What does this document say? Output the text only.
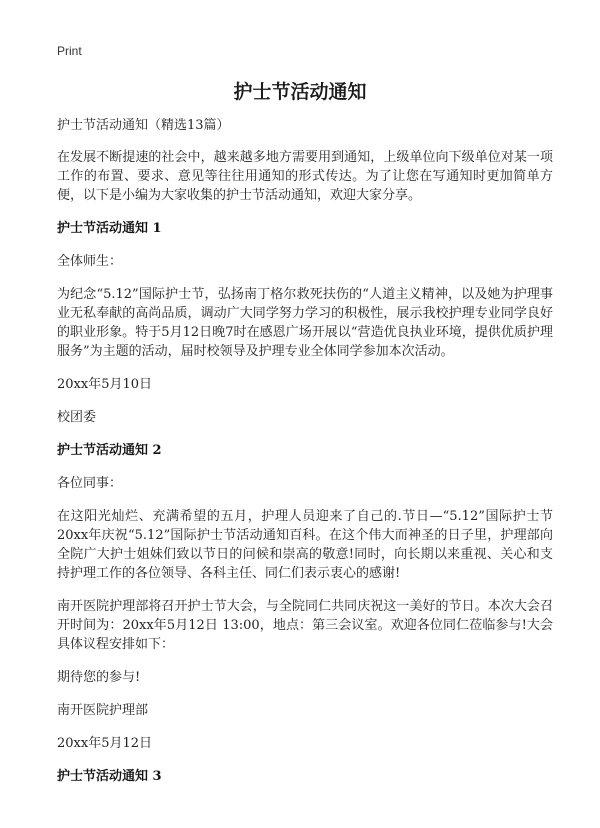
Print
护士节活动通知

护士节活动通知（精选13篇）

在发展不断提速的社会中，越来越多地方需要用到通知，上级单位向下级单位对某一项工作的布置、要求、意见等往往用通知的形式传达。为了让您在写通知时更加简单方便，以下是小编为大家收集的护士节活动通知，欢迎大家分享。

护士节活动通知 1

全体师生：

为纪念“5.12”国际护士节，弘扬南丁格尔救死扶伤的“人道主义精神，以及她为护理事业无私奉献的高尚品质，调动广大同学努力学习的积极性，展示我校护理专业同学良好的职业形象。特于5月12日晚7时在感恩广场开展以“营造优良执业环境，提供优质护理服务”为主题的活动，届时校领导及护理专业全体同学参加本次活动。

20xx年5月10日

校团委

护士节活动通知 2

各位同事：

在这阳光灿烂、充满希望的五月，护理人员迎来了自己的.节日—“5.12”国际护士节20xx年庆祝“5.12”国际护士节活动通知百科。在这个伟大而神圣的日子里，护理部向全院广大护士姐妹们致以节日的问候和崇高的敬意!同时，向长期以来重视、关心和支持护理工作的各位领导、各科主任、同仁们表示衷心的感谢!

南开医院护理部将召开护士节大会，与全院同仁共同庆祝这一美好的节日。本次大会召开时间为：20xx年5月12日 13:00，地点：第三会议室。欢迎各位同仁莅临参与!大会具体议程安排如下：

期待您的参与!

南开医院护理部

20xx年5月12日

护士节活动通知 3
